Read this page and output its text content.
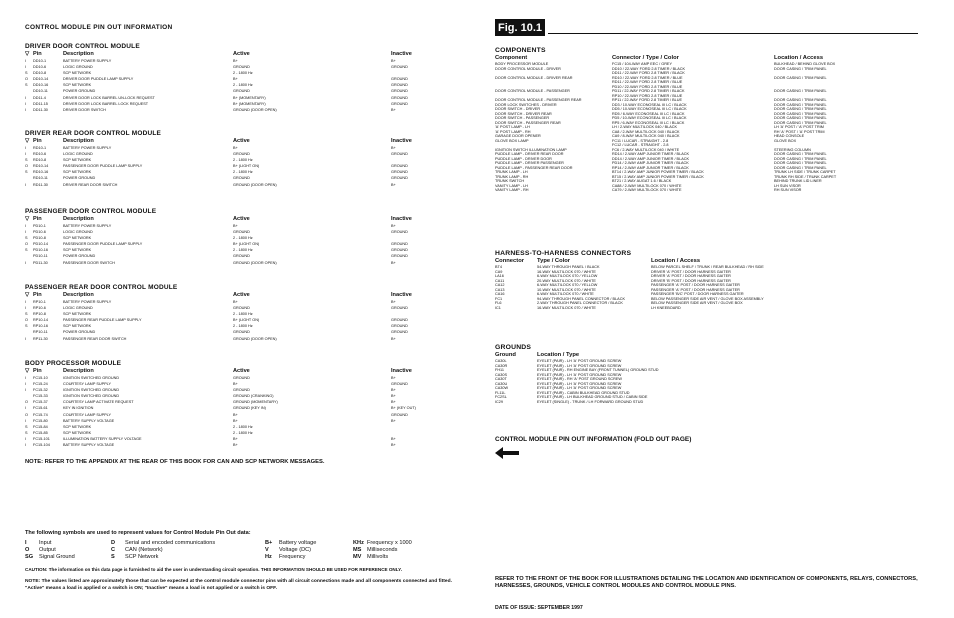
CONTROL MODULE PIN OUT INFORMATION
DRIVER DOOR CONTROL MODULE
▽ Pin	Description	Active	Inactive
I	DD10-1	BATTERY POWER SUPPLY	B+	B+
I	DD10-6	LOGIC GROUND	GROUND	GROUND
S	DD10-8	SCP NETWORK	2 - 1800 Hz
O	DD10-14	DRIVER DOOR PUDDLE LAMP SUPPLY	B+	GROUND
S	DD10-16	SCP NETWORK	2 - 1800 Hz	GROUND
DD10-11	POWER GROUND	GROUND	GROUND
I	DD11-4	DRIVER DOOR LOCK BARREL UN-LOCK REQUEST	B+ (MOMENTARY)	GROUND
I	DD11-15	DRIVER DOOR LOCK BARREL LOCK REQUEST	B+ (MOMENTARY)	GROUND
I	DD11-30	DRIVER DOOR SWITCH	GROUND (DOOR OPEN)	B+
DRIVER REAR DOOR CONTROL MODULE
▽ Pin	Description	Active	Inactive
I	RD10-1	BATTERY POWER SUPPLY	B+	B+
I	RD10-6	LOGIC GROUND	GROUND	GROUND
S	RD10-8	SCP NETWORK	2 - 1800 Hz
O	RD10-14	PASSENGER DOOR PUDDLE LAMP SUPPLY	B+ (LIGHT ON)	GROUND
S	RD10-16	SCP NETWORK	2 - 1800 Hz	GROUND
RD10-11	POWER GROUND	GROUND	GROUND
I	RD11-30	DRIVER REAR DOOR SWITCH	GROUND (DOOR OPEN)	B+
PASSENGER DOOR CONTROL MODULE
▽ Pin	Description	Active	Inactive
I	PD10-1	BATTERY POWER SUPPLY	B+	B+
I	PD10-6	LOGIC GROUND	GROUND	GROUND
S	PD10-8	SCP NETWORK	2 - 1800 Hz
O	PD10-14	PASSENGER DOOR PUDDLE LAMP SUPPLY	B+ (LIGHT ON)	GROUND
S	PD10-16	SCP NETWORK	2 - 1800 Hz	GROUND
PD10-11	POWER GROUND	GROUND	GROUND
I	PD11-30	PASSENGER DOOR SWITCH	GROUND (DOOR OPEN)	B+
PASSENGER REAR DOOR CONTROL MODULE
▽ Pin	Description	Active	Inactive
I	RP10-1	BATTERY POWER SUPPLY	B+	B+
I	RP10-6	LOGIC GROUND	GROUND	GROUND
S	RP10-8	SCP NETWORK	2 - 1800 Hz
O	RP10-14	PASSENGER REAR PUDDLE LAMP SUPPLY	B+ (LIGHT ON)	GROUND
S	RP10-16	SCP NETWORK	2 - 1800 Hz	GROUND
RP10-11	POWER GROUND	GROUND	GROUND
I	RP11-30	PASSENGER REAR DOOR SWITCH	GROUND (DOOR OPEN)	B+
BODY PROCESSOR MODULE
▽ Pin	Description	Active	Inactive
I	FC15-10	IGNITION SWITCHED GROUND	GROUND	B+
I	FC15-24	COURTESY LAMP SUPPLY	B+	GROUND
I	FC15-32	IGNITION SWITCHED GROUND	GROUND	B+
FC15-33	IGNITION SWITCHED GROUND	GROUND (CRANKING)	B+
O	FC15-37	COURTESY LAMP ACTIVATE REQUEST	GROUND (MOMENTARY)	B+
I	FC15-61	KEY IN IGNITION	GROUND (KEY IN)	B+ (KEY OUT)
O	FC15-74	COURTESY LAMP SUPPLY	B+	GROUND
I	FC15-80	BATTERY SUPPLY VOLTAGE	B+	B+
S	FC15-84	SCP NETWORK	2 - 1800 Hz
S	FC15-85	SCP NETWORK	2 - 1800 Hz
I	FC15-101	ILLUMINATION BATTERY SUPPLY VOLTAGE	B+	B+
I	FC15-104	BATTERY SUPPLY VOLTAGE	B+	B+
NOTE: REFER TO THE APPENDIX AT THE REAR OF THIS BOOK FOR CAN AND SCP NETWORK MESSAGES.
The following symbols are used to represent values for Control Module Pin Out data:
I	Input	D	Serial and encoded communications	B+	Battery voltage	KHz Frequency x 1000
O	Output	C	CAN (Network)	V	Voltage (DC)	MS	Milliseconds
SG	Signal Ground	S	SCP Network	Hz	Frequency	MV	Millivolts
CAUTION: The information on this data page is furnished to aid the user in understanding circuit operation. THIS INFORMATION SHOULD BE USED FOR REFERENCE ONLY.
NOTE: The values listed are approximately those that can be expected at the control module connector pins with all circuit connections made and all components connected and fitted. "Active" means a load is applied or a switch is ON; "Inactive" means a load is not applied or a switch is OFF.
Fig. 10.1
COMPONENTS
Component	Connector / Type / Color	Location / Access
BODY PROCESSOR MODULE	FC15 / 104-WAY AMP EEC / GREY	BULKHEAD / BEHIND GLOVE BOX
DOOR CONTROL MODULE - DRIVER	DD10 / 22-WAY FORD 2.8 TIMER / BLACK	DOOR CASING / TRIM PANEL
DD11 / 22-WAY FORD 2.8 TIMER / BLACK
DOOR CONTROL MODULE - DRIVER REAR	RD10 / 22-WAY FORD 2.8 TIMER / BLUE	DOOR CASING / TRIM PANEL
RD11 / 22-WAY FORD 2.8 TIMER / BLUE
PD10 / 22-WAY FORD 2.8 TIMER / BLUE
DOOR CONTROL MODULE - PASSENGER	PD11 / 22-WAY FORD 2.8 TIMER / BLACK	DOOR CASING / TRIM PANEL
RP10 / 22-WAY FORD 2.8 TIMER / BLUE
DOOR CONTROL MODULE - PASSENGER REAR	RP11 / 22-WAY FORD 2.8 TIMER / BLUE	DOOR CASING / TRIM PANEL
DOOR LOCK SWITCHES - DRIVER	DD3 / 10-WAY ECONOSEAL III LC / BLACK	DOOR CASING / TRIM PANEL
DOOR SWITCH - DRIVER	DD5 / 10-WAY ECONOSEAL III LC / BLACK	DOOR CASING / TRIM PANEL
DOOR SWITCH - DRIVER REAR	RD5 / 6-WAY ECONOSEAL III LC / BLACK	DOOR CASING / TRIM PANEL
DOOR SWITCH - PASSENGER	PD5 / 10-WAY ECONOSEAL III LC / BLACK	DOOR CASING / TRIM PANEL
DOOR SWITCH - PASSENGER REAR	RP5 / 6-WAY ECONOSEAL III LC / BLACK	DOOR CASING / TRIM PANEL
'A' POST LAMP - LH	LH / 2-WAY MULTILOCK 040 / BLACK	LH 'A' POST / 'A' POST TRIM
'A' POST LAMP - RH	CA8 / 2-WAY MULTILOCK 040 / BLACK	RH 'A' POST / 'A' POST TRIM
GARAGE DOOR OPENER	CA9 / 8-WAY MULTILOCK 040 / BLACK	HEAD CONSOLE
GLOVE BOX LAMP	FC11 / LUCAR - STRAIGHT - 2.8	GLOVE BOX
FC12 / LUCAR - STRAIGHT - 2.8
IGNITION SWITCH ILLUMINATION LAMP	FC6 / 2-WAY MULTILOCK 040 / WHITE	STEERING COLUMN
PUDDLE LAMP - DRIVER REAR DOOR	RD14 / 2-WAY AMP JUNIOR TIMER / BLACK	DOOR CASING / TRIM PANEL
PUDDLE LAMP - DRIVER DOOR	DD14 / 2-WAY AMP JUNIOR TIMER / BLACK	DOOR CASING / TRIM PANEL
PUDDLE LAMP - DRIVER PASSENGER	PD14 / 2-WAY AMP JUNIOR TIMER / BLACK	DOOR CASING / TRIM PANEL
PUDDLE LAMP - PASSENGER REAR DOOR	RP14 / 2-WAY AMP JUNIOR TIMER / BLACK	DOOR CASING / TRIM PANEL
TRUNK LAMP - LH	BT14 / 2-WAY AMP JUNIOR POWER TIMER / BLACK	TRUNK LH SIDE / TRUNK CARPET
TRUNK LAMP - RH	BT15 / 2-WAY AMP JUNIOR POWER TIMER / BLACK	TRUNK RH SIDE / TRUNK CARPET
TRUNK SWITCH	BT21 / 2-WAY AUGAT 1.6 / BLACK	BEHIND TRUNK LID LINER
VANITY LAMP - LH	CA88 / 2-WAY MULTILOCK 070 / WHITE	LH SUN VISOR
VANITY LAMP - RH	CA79 / 2-WAY MULTILOCK 070 / WHITE	RH SUN VISOR
HARNESS-TO-HARNESS CONNECTORS
Connector	Type / Color	Location / Access
BT4	54-WAY THROUGH PANEL / BLACK	BELOW PARCEL SHELF / TRUNK / REAR BULKHEAD / RH SIDE
CA9	16-WAY MULTILOCK 070 / WHITE	DRIVER 'A' POST / DOOR HARNESS GAITER
LA16	6-WAY MULTILOCK 070 / YELLOW	DRIVER 'A' POST / DOOR HARNESS GAITER
CA11	20-WAY MULTILOCK 070 / WHITE	DRIVER 'B' POST / DOOR HARNESS GAITER
CA12	6-WAY MULTILOCK 070 / YELLOW	PASSENGER 'A' POST / DOOR HARNESS GAITER
CA13	10-WAY MULTILOCK 070 / WHITE	PASSENGER 'A' POST / DOOR HARNESS GAITER
CA16	6-WAY MULTILOCK 070 / WHITE	PASSENGER 'B/C' POST / DOOR HARNESS GAITER
FC1	94-WAY THROUGH PANEL CONNECTOR / BLACK	BELOW PASSENGER SIDE AIR VENT / GLOVE BOX ASSEMBLY
FL6	2-WAY THROUGH PANEL CONNECTOR / BLACK	BELOW PASSENGER SIDE AIR VENT / GLOVE BOX
IC1	16-WAY MULTILOCK 070 / WHITE	LH KNEEBOARD
GROUNDS
Ground	Location / Type
CA30L	EYELET (PAIR) - LH 'A' POST GROUND SCREW
CA30R	EYELET (PAIR) - LH 'A' POST GROUND SCREW
FH11	EYELET (PAIR) - RH ENGINE BAY (FRONT TUNNEL) GROUND STUD
CA30S	EYELET (PAIR) - LH 'A' POST GROUND SCREW
CA30T	EYELET (PAIR) - RH 'A' POST GROUND SCREW
CA30U	EYELET (PAIR) - LH 'A' POST GROUND SCREW
CA30W	EYELET (PAIR) - LH 'A' POST GROUND SCREW
FL11L	EYELET (PAIR) - CABIN BULKHEAD GROUND STUD
FC2SL	EYELET (PAIR) - LH BULKHEAD GROUND STUD / CABIN SIDE
IC29	EYELET (SINGLE) - TRUNK / LH FORWARD GROUND STUD
CONTROL MODULE PIN OUT INFORMATION (FOLD OUT PAGE)
REFER TO THE FRONT OF THE BOOK FOR ILLUSTRATIONS DETAILING THE LOCATION AND IDENTIFICATION OF COMPONENTS, RELAYS, CONNECTORS, HARNESSES, GROUNDS, VEHICLE CONTROL MODULES AND CONTROL MODULE PINS.
DATE OF ISSUE: SEPTEMBER 1997
